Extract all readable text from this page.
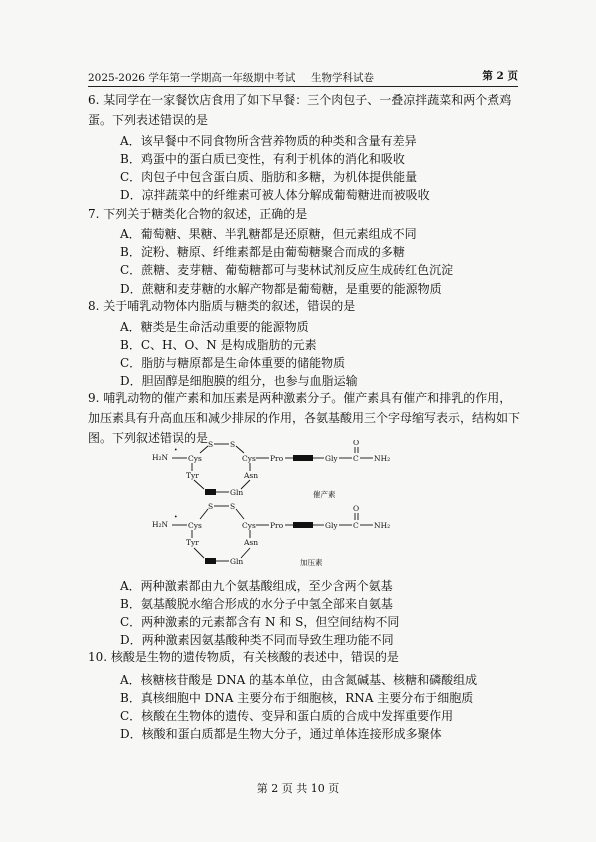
2025-2026 学年第一学期高一年级期中考试 生物学科试卷	第 2 页
6. 某同学在一家餐饮店食用了如下早餐：三个肉包子、一叠凉拌蔬菜和两个煮鸡蛋。下列表述错误的是
A．该早餐中不同食物所含营养物质的种类和含量有差异
B．鸡蛋中的蛋白质已变性，有利于机体的消化和吸收
C．肉包子中包含蛋白质、脂肪和多糖，为机体提供能量
D．凉拌蔬菜中的纤维素可被人体分解成葡萄糖进而被吸收
7. 下列关于糖类化合物的叙述，正确的是
A．葡萄糖、果糖、半乳糖都是还原糖，但元素组成不同
B．淀粉、糖原、纤维素都是由葡萄糖聚合而成的多糖
C．蔗糖、麦芽糖、葡萄糖都可与斐林试剂反应生成砖红色沉淀
D．蔗糖和麦芽糖的水解产物都是葡萄糖，是重要的能源物质
8. 关于哺乳动物体内脂质与糖类的叙述，错误的是
A．糖类是生命活动重要的能源物质
B．C、H、O、N 是构成脂肪的元素
C．脂肪与糖原都是生命体重要的储能物质
D．胆固醇是细胞膜的组分，也参与血脂运输
9. 哺乳动物的催产素和加压素是两种激素分子。催产素具有催产和排乳的作用，加压素具有升高血压和减少排尿的作用，各氨基酸用三个字母缩写表示，结构如下图。下列叙述错误的是
H₂N
•
Cys
S S
Cys
Tyr	Asn
Gln
Pro	Gly C
O
NH₂
催产素
H₂N
•
Cys
S S
Cys
Tyr	Asn
Gln
Pro	Gly C
O
NH₂
加压素
A．两种激素都由九个氨基酸组成，至少含两个氨基
B．氨基酸脱水缩合形成的水分子中氢全部来自氨基
C．两种激素的元素都含有 N 和 S，但空间结构不同
D．两种激素因氨基酸种类不同而导致生理功能不同
10. 核酸是生物的遗传物质，有关核酸的表述中，错误的是
A．核糖核苷酸是 DNA 的基本单位，由含氮碱基、核糖和磷酸组成
B．真核细胞中 DNA 主要分布于细胞核，RNA 主要分布于细胞质
C．核酸在生物体的遗传、变异和蛋白质的合成中发挥重要作用
D．核酸和蛋白质都是生物大分子，通过单体连接形成多聚体
第 2 页 共 10 页
